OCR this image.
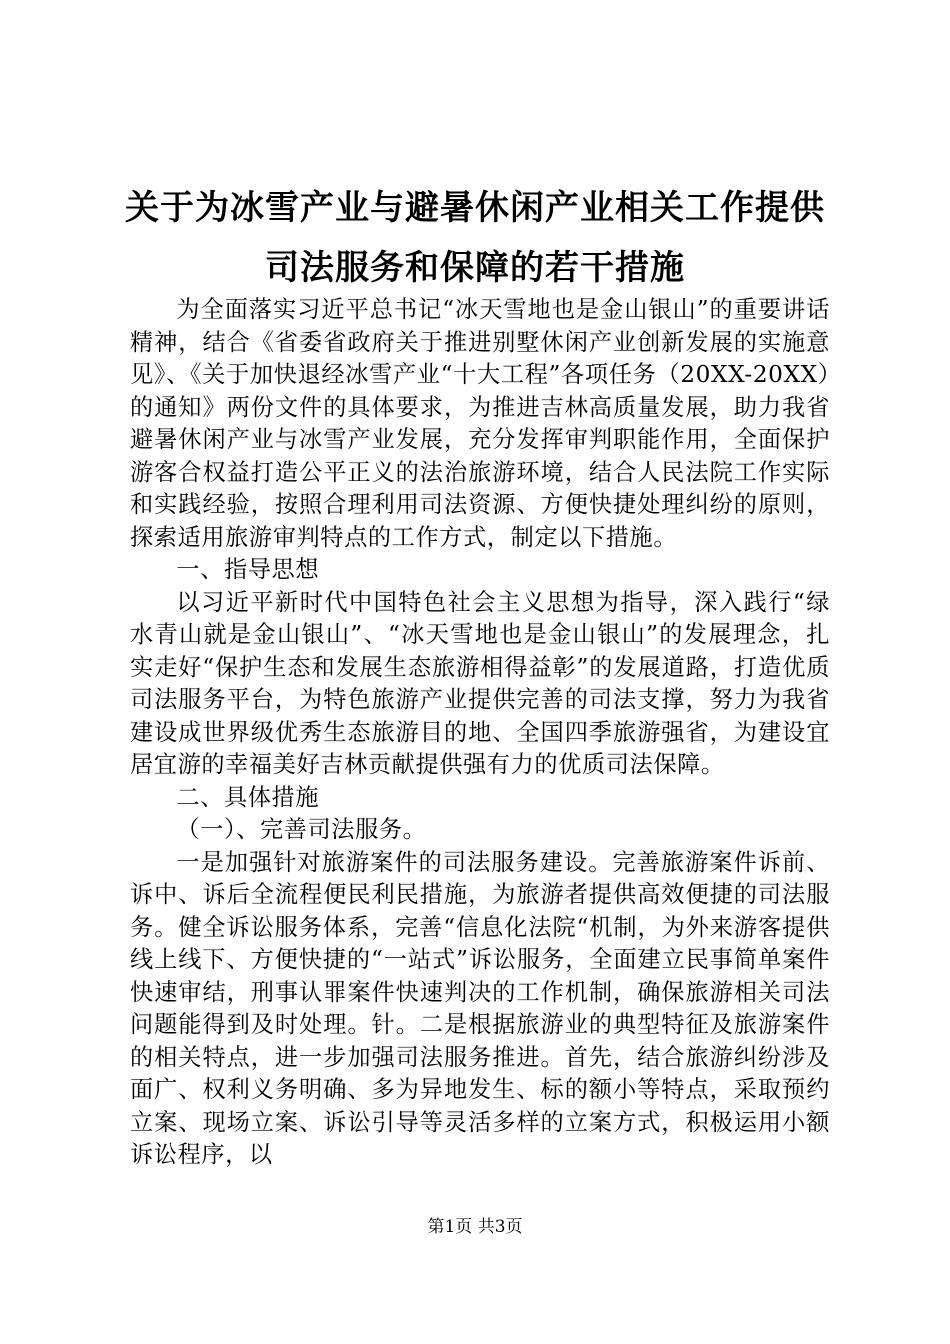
关于为冰雪产业与避暑休闲产业相关工作提供
司法服务和保障的若干措施

为全面落实习近平总书记“冰天雪地也是金山银山”的重要讲话精神，结合《省委省政府关于推进别墅休闲产业创新发展的实施意见》、《关于加快退经冰雪产业“十大工程”各项任务（20XX-20XX）的通知》两份文件的具体要求，为推进吉林高质量发展，助力我省避暑休闲产业与冰雪产业发展，充分发挥审判职能作用，全面保护游客合权益打造公平正义的法治旅游环境，结合人民法院工作实际和实践经验，按照合理利用司法资源、方便快捷处理纠纷的原则，探索适用旅游审判特点的工作方式，制定以下措施。

一、指导思想

以习近平新时代中国特色社会主义思想为指导，深入践行“绿水青山就是金山银山”、“冰天雪地也是金山银山”的发展理念，扎实走好“保护生态和发展生态旅游相得益彰”的发展道路，打造优质司法服务平台，为特色旅游产业提供完善的司法支撑，努力为我省建设成世界级优秀生态旅游目的地、全国四季旅游强省，为建设宜居宜游的幸福美好吉林贡献提供强有力的优质司法保障。

二、具体措施

（一）、完善司法服务。

一是加强针对旅游案件的司法服务建设。完善旅游案件诉前、诉中、诉后全流程便民利民措施，为旅游者提供高效便捷的司法服务。健全诉讼服务体系，完善“信息化法院“机制，为外来游客提供线上线下、方便快捷的“一站式”诉讼服务，全面建立民事简单案件快速审结，刑事认罪案件快速判决的工作机制，确保旅游相关司法问题能得到及时处理。针。二是根据旅游业的典型特征及旅游案件的相关特点，进一步加强司法服务推进。首先，结合旅游纠纷涉及面广、权利义务明确、多为异地发生、标的额小等特点，采取预约立案、现场立案、诉讼引导等灵活多样的立案方式，积极运用小额诉讼程序，以

第1页 共3页
